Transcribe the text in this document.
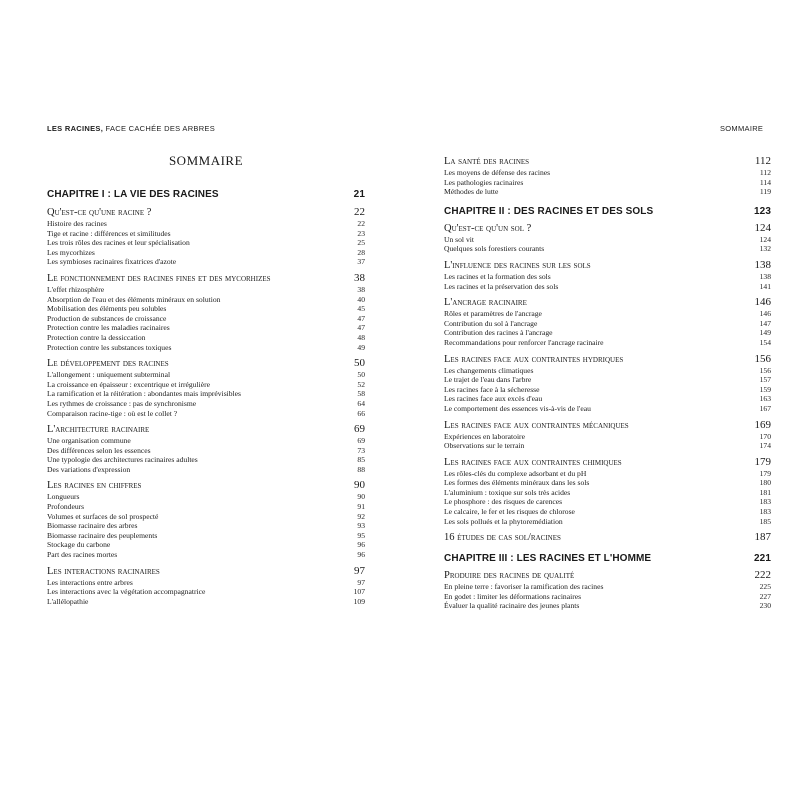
LES RACINES, FACE CACHÉE DES ARBRES	SOMMAIRE
SOMMAIRE
CHAPITRE I : LA VIE DES RACINES	21
Qu'est-ce qu'une racine ?	22
Histoire des racines	22
Tige et racine : différences et similitudes	23
Les trois rôles des racines et leur spécialisation	25
Les mycorhizes	28
Les symbioses racinaires fixatrices d'azote	37
Le fonctionnement des racines fines et des mycorhizes	38
L'effet rhizosphère	38
Absorption de l'eau et des éléments minéraux en solution	40
Mobilisation des éléments peu solubles	45
Production de substances de croissance	47
Protection contre les maladies racinaires	47
Protection contre la dessiccation	48
Protection contre les substances toxiques	49
Le développement des racines	50
L'allongement : uniquement subterminal	50
La croissance en épaisseur : excentrique et irrégulière	52
La ramification et la réitération : abondantes mais imprévisibles	58
Les rythmes de croissance : pas de synchronisme	64
Comparaison racine-tige : où est le collet ?	66
L'architecture racinaire	69
Une organisation commune	69
Des différences selon les essences	73
Une typologie des architectures racinaires adultes	85
Des variations d'expression	88
Les racines en chiffres	90
Longueurs	90
Profondeurs	91
Volumes et surfaces de sol prospecté	92
Biomasse racinaire des arbres	93
Biomasse racinaire des peuplements	95
Stockage du carbone	96
Part des racines mortes	96
Les interactions racinaires	97
Les interactions entre arbres	97
Les interactions avec la végétation accompagnatrice	107
L'allélopathie	109
La santé des racines	112
Les moyens de défense des racines	112
Les pathologies racinaires	114
Méthodes de lutte	119
CHAPITRE II : DES RACINES ET DES SOLS	123
Qu'est-ce qu'un sol ?	124
Un sol vit	124
Quelques sols forestiers courants	132
L'influence des racines sur les sols	138
Les racines et la formation des sols	138
Les racines et la préservation des sols	141
L'ancrage racinaire	146
Rôles et paramètres de l'ancrage	146
Contribution du sol à l'ancrage	147
Contribution des racines à l'ancrage	149
Recommandations pour renforcer l'ancrage racinaire	154
Les racines face aux contraintes hydriques	156
Les changements climatiques	156
Le trajet de l'eau dans l'arbre	157
Les racines face à la sécheresse	159
Les racines face aux excès d'eau	163
Le comportement des essences vis-à-vis de l'eau	167
Les racines face aux contraintes mécaniques	169
Expériences en laboratoire	170
Observations sur le terrain	174
Les racines face aux contraintes chimiques	179
Les rôles-clés du complexe adsorbant et du pH	179
Les formes des éléments minéraux dans les sols	180
L'aluminium : toxique sur sols très acides	181
Le phosphore : des risques de carences	183
Le calcaire, le fer et les risques de chlorose	183
Les sols pollués et la phytoremédiation	185
16 études de cas sol/racines	187
CHAPITRE III : LES RACINES ET L'HOMME	221
Produire des racines de qualité	222
En pleine terre : favoriser la ramification des racines	225
En godet : limiter les déformations racinaires	227
Évaluer la qualité racinaire des jeunes plants	230
